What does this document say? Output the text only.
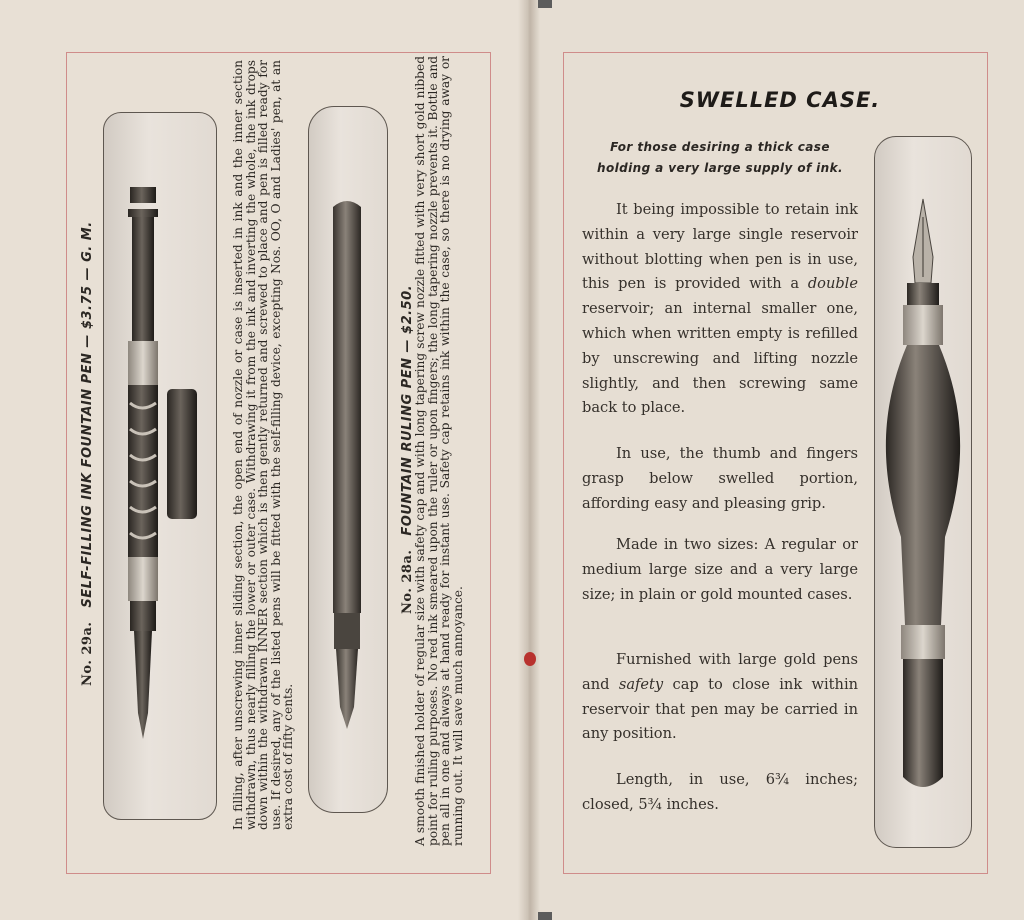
No. 29a.SELF-FILLING INK FOUNTAIN PEN — $3.75 — G. M.	In filling, after unscrewing inner sliding section, the open end of nozzle or case is inserted in ink and the inner section withdrawn, thus nearly filling the lower or outer case. Withdrawing it from the ink and inverting the whole, the ink drops down within the withdrawn INNER section which is then gently returned and screwed to place and pen is filled ready for use. If desired, any of the listed pens will be fitted with the self-filling device, excepting Nos. OO, O and Ladies' pen, at an extra cost of fifty cents.
No. 28a.FOUNTAIN RULING PEN — $2.50.
A smooth finished holder of regular size with safety cap and with long tapering screw nozzle fitted with very short gold nibbed point for ruling purposes. No red ink smeared upon the ruler or upon fingers; the long tapering nozzle prevents it. Bottle and pen all in one and always at hand ready for instant use. Safety cap retains ink within the case, so there is no drying away or running out. It will save much annoyance.
SWELLED CASE.
For those desiring a thick case
holding a very large supply of ink.
It being impossible to retain ink within a very large single reservoir without blotting when pen is in use, this pen is provided with a double reservoir; an internal smaller one, which when written empty is refilled by unscrewing and lifting nozzle slightly, and then screwing same back to place.
In use, the thumb and fingers grasp below swelled portion, affording easy and pleasing grip.
Made in two sizes: A regular or medium large size and a very large size; in plain or gold mounted cases.
Furnished with large gold pens and safety cap to close ink within reservoir that pen may be carried in any position.
Length, in use, 6¾ inches; closed, 5¾ inches.
